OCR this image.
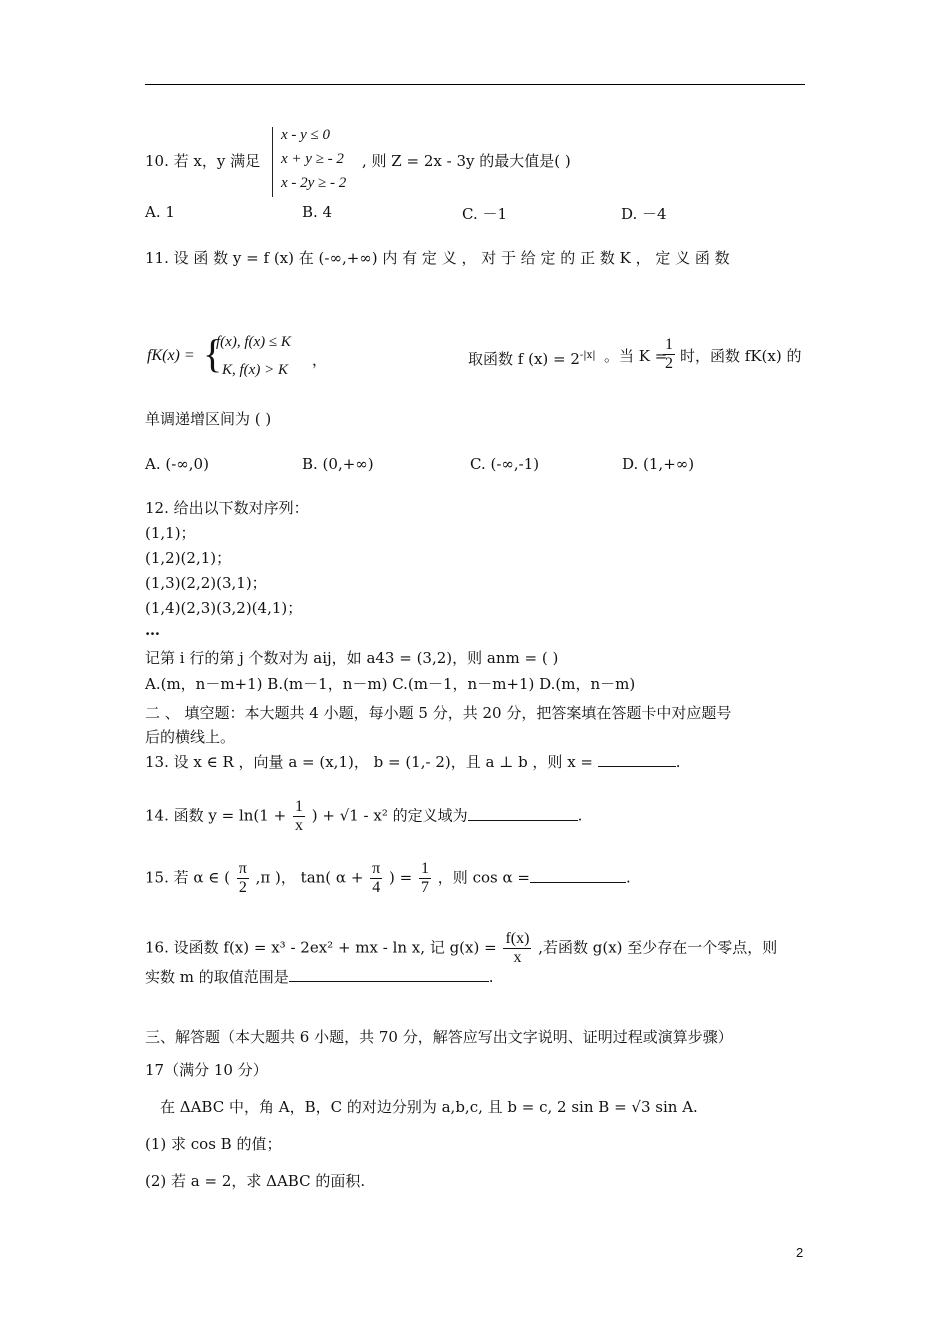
10. 若 x，y 满足
x - y ≤ 0
x + y ≥ - 2
x - 2y ≥ - 2
, 则 Z = 2x - 3y 的最大值是( )
A. 1	B. 4	C. －1	D. －4
11. 设 函 数 y = f (x) 在 (-∞,+∞) 内 有 定 义 ， 对 于 给 定 的 正 数 K ， 定 义 函 数
fK(x) = {
f(x), f(x) ≤ K
K, f(x) > K
，	取函数 f $(x) = 2^{-|x|}$ 。当 K =
$\frac{1}{2}$ 时，函数 fK(x) 的
单调递增区间为 ( )
A. (-∞,0)	B. (0,+∞)	C. (-∞,-1)	D. (1,+∞)
12. 给出以下数对序列：
(1,1)；
(1,2)(2,1)；
(1,3)(2,2)(3,1)；
(1,4)(2,3)(3,2)(4,1)；
…
记第 i 行的第 j 个数对为 aij，如 a43 = (3,2)，则 anm = ( )
A.(m，n－m+1) B.(m－1，n－m) C.(m－1，n－m+1) D.(m，n－m)
二 、 填空题：本大题共 4 小题，每小题 5 分，共 20 分，把答案填在答题卡中对应题号
后的横线上。
13. 设 x ∈ R ，向量 a = (x,1)， b = (1,- 2)，且 a ⊥ b ，则 x =	.
14. 函数 $y = \ln(1 + \frac{1}{x}$ ) + √1 - x² 的定义域为	.
15. 若 α ∈ ( $\frac{\pi}{2} ,\pi$ )， tan( $\alpha + \frac{\pi}{4}$ ) = $\frac{1}{7}$ ，则 cos α =	.
16. 设函数 f(x) = x³ - 2ex² + mx - ln x, 记 $g(x) = \frac{f(x)}{x}$ ,若函数 g(x) 至少存在一个零点，则
实数 m 的取值范围是	.
三、解答题（本大题共 6 小题，共 70 分，解答应写出文字说明、证明过程或演算步骤）
17（满分 10 分）
在 ΔABC 中，角 A，B，C 的对边分别为 a,b,c, 且 b = c, 2 sin B = √3 sin A.
(1) 求 cos B 的值；
(2) 若 a = 2，求 ΔABC 的面积.
2
